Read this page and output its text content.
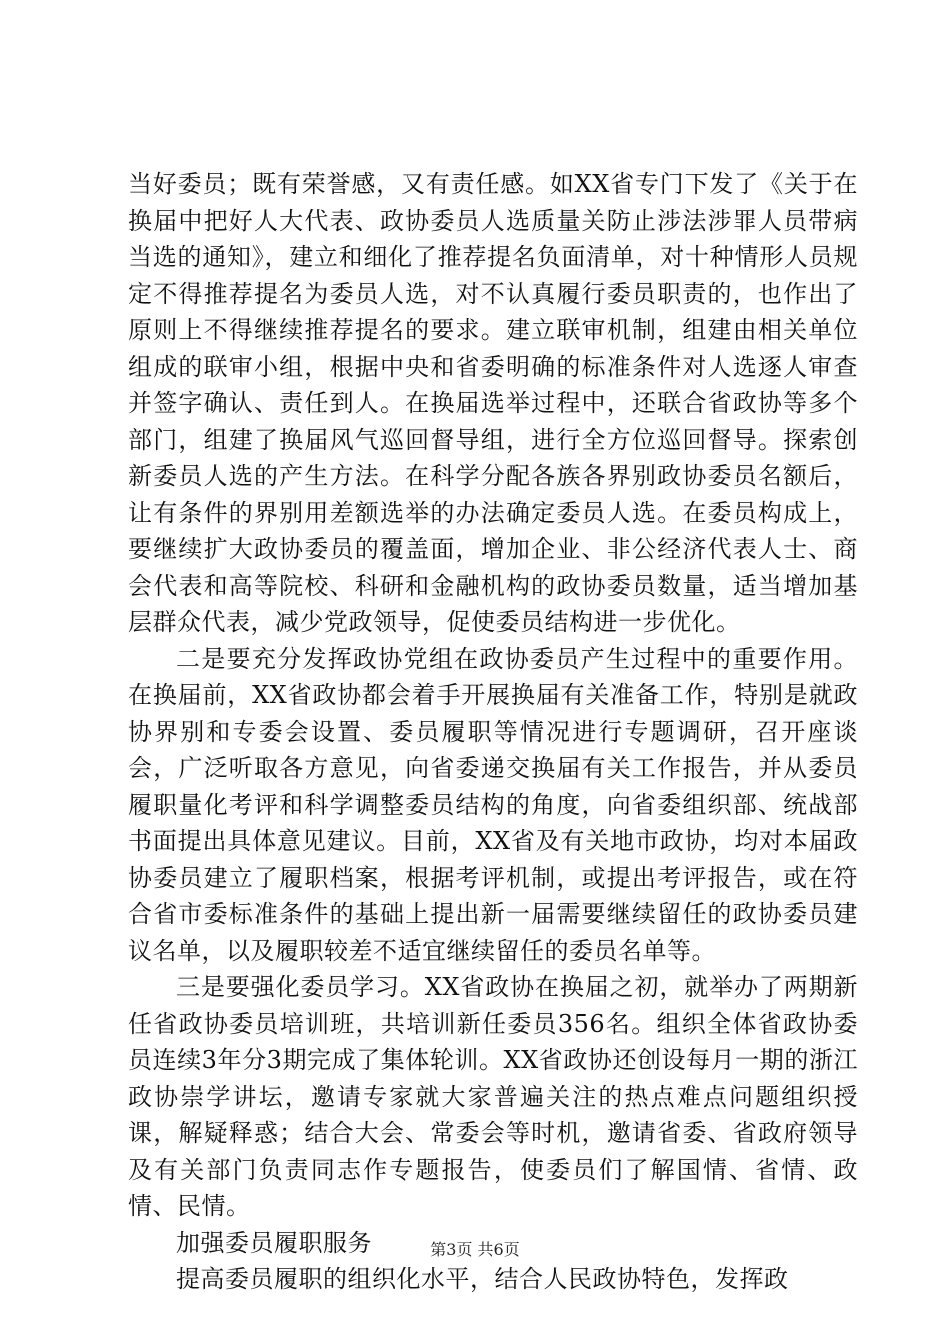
当好委员；既有荣誉感，又有责任感。如XX省专门下发了《关于在换届中把好人大代表、政协委员人选质量关防止涉法涉罪人员带病当选的通知》，建立和细化了推荐提名负面清单，对十种情形人员规定不得推荐提名为委员人选，对不认真履行委员职责的，也作出了原则上不得继续推荐提名的要求。建立联审机制，组建由相关单位组成的联审小组，根据中央和省委明确的标准条件对人选逐人审查并签字确认、责任到人。在换届选举过程中，还联合省政协等多个部门，组建了换届风气巡回督导组，进行全方位巡回督导。探索创新委员人选的产生方法。在科学分配各族各界别政协委员名额后，让有条件的界别用差额选举的办法确定委员人选。在委员构成上，要继续扩大政协委员的覆盖面，增加企业、非公经济代表人士、商会代表和高等院校、科研和金融机构的政协委员数量，适当增加基层群众代表，减少党政领导，促使委员结构进一步优化。

二是要充分发挥政协党组在政协委员产生过程中的重要作用。在换届前，XX省政协都会着手开展换届有关准备工作，特别是就政协界别和专委会设置、委员履职等情况进行专题调研，召开座谈会，广泛听取各方意见，向省委递交换届有关工作报告，并从委员履职量化考评和科学调整委员结构的角度，向省委组织部、统战部书面提出具体意见建议。目前，XX省及有关地市政协，均对本届政协委员建立了履职档案，根据考评机制，或提出考评报告，或在符合省市委标准条件的基础上提出新一届需要继续留任的政协委员建议名单，以及履职较差不适宜继续留任的委员名单等。

三是要强化委员学习。XX省政协在换届之初，就举办了两期新任省政协委员培训班，共培训新任委员356名。组织全体省政协委员连续3年分3期完成了集体轮训。XX省政协还创设每月一期的浙江政协崇学讲坛，邀请专家就大家普遍关注的热点难点问题组织授课，解疑释惑；结合大会、常委会等时机，邀请省委、省政府领导及有关部门负责同志作专题报告，使委员们了解国情、省情、政情、民情。

加强委员履职服务

提高委员履职的组织化水平，结合人民政协特色，发挥政

第3页 共6页
